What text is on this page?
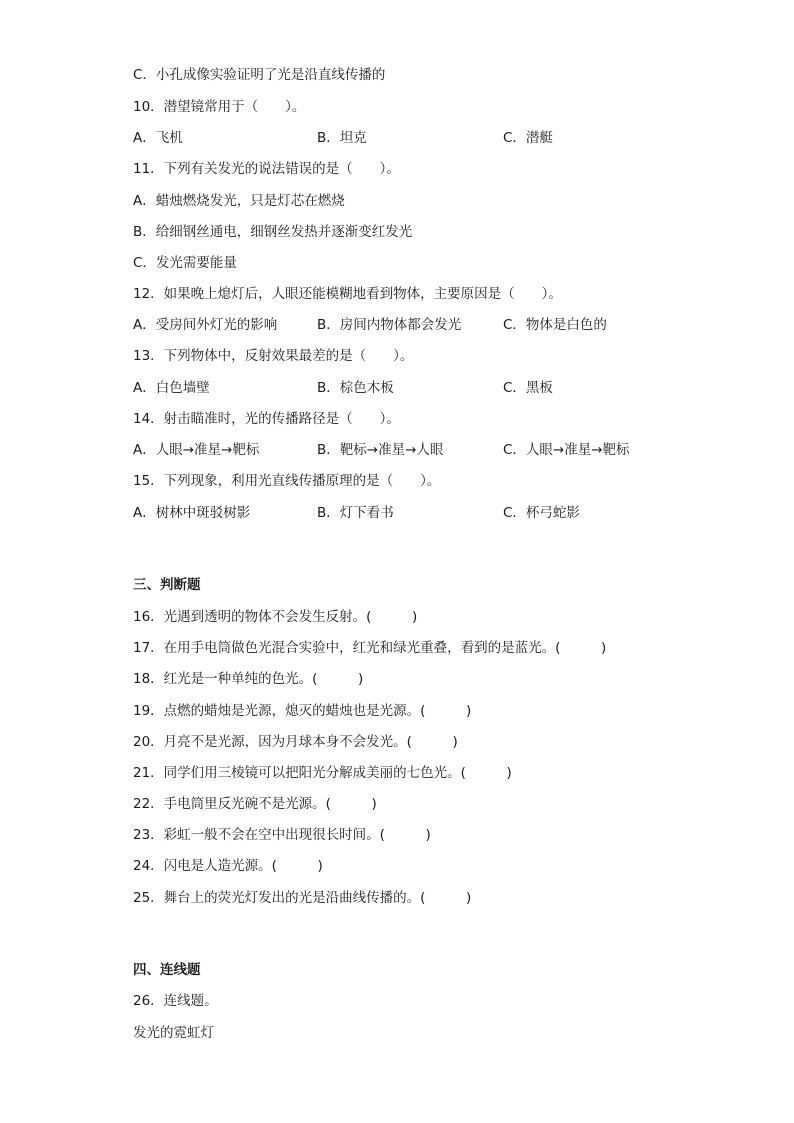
C．小孔成像实验证明了光是沿直线传播的
10．潜望镜常用于（　　）。
A．飞机	B．坦克	C．潜艇
11．下列有关发光的说法错误的是（　　）。
A．蜡烛燃烧发光，只是灯芯在燃烧
B．给细钢丝通电，细钢丝发热并逐渐变红发光
C．发光需要能量
12．如果晚上熄灯后，人眼还能模糊地看到物体，主要原因是（　　）。
A．受房间外灯光的影响	B．房间内物体都会发光	C．物体是白色的
13．下列物体中，反射效果最差的是（　　）。
A．白色墙壁	B．棕色木板	C．黑板
14．射击瞄准时，光的传播路径是（　　）。
A．人眼→准星→靶标	B．靶标→准星→人眼	C．人眼→准星→靶标
15．下列现象，利用光直线传播原理的是（　　）。
A．树林中斑驳树影	B．灯下看书	C．杯弓蛇影
三、判断题
16．光遇到透明的物体不会发生反射。(　　　)
17．在用手电筒做色光混合实验中，红光和绿光重叠，看到的是蓝光。(　　　)
18．红光是一种单纯的色光。(　　　)
19．点燃的蜡烛是光源，熄灭的蜡烛也是光源。(　　　)
20．月亮不是光源，因为月球本身不会发光。(　　　)
21．同学们用三棱镜可以把阳光分解成美丽的七色光。(　　　)
22．手电筒里反光碗不是光源。(　　　)
23．彩虹一般不会在空中出现很长时间。(　　　)
24．闪电是人造光源。(　　　)
25．舞台上的荧光灯发出的光是沿曲线传播的。(　　　)
四、连线题
26．连线题。
发光的霓虹灯
